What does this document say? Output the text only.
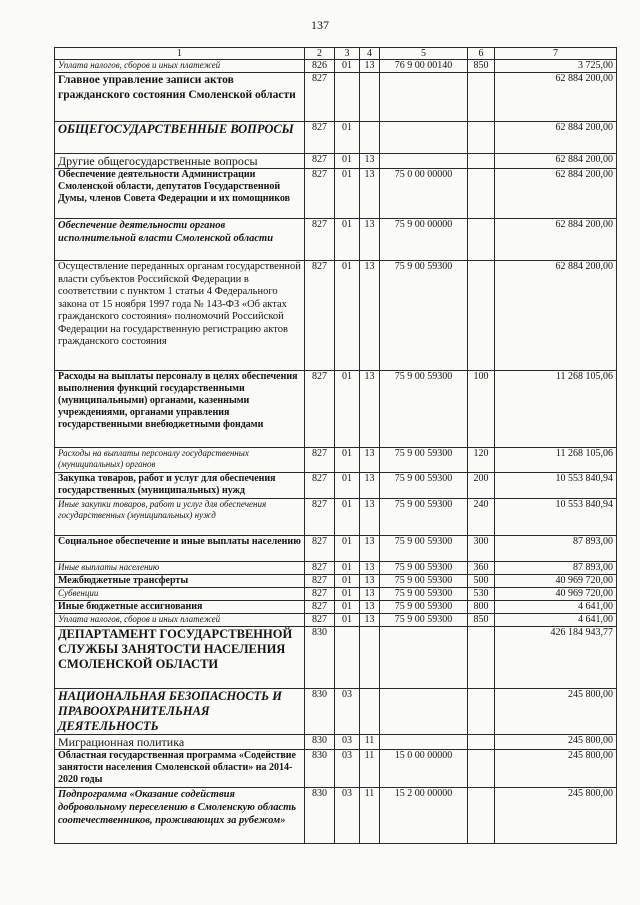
137
1	2	3	4	5	6	7
Уплата налогов, сборов и иных платежей	826	01	13	76 9 00 00140	850	3 725,00
Главное управление записи актов гражданского состояния Смоленской области	827					62 884 200,00
ОБЩЕГОСУДАРСТВЕННЫЕ ВОПРОСЫ	827	01				62 884 200,00
Другие общегосударственные вопросы	827	01	13			62 884 200,00
Обеспечение деятельности Администрации Смоленской области, депутатов Государственной Думы, членов Совета Федерации и их помощников	827	01	13	75 0 00 00000		62 884 200,00
Обеспечение деятельности органов исполнительной власти Смоленской области	827	01	13	75 9 00 00000		62 884 200,00
Осуществление переданных органам государственной власти субъектов Российской Федерации в соответствии с пунктом 1 статьи 4 Федерального закона от 15 ноября 1997 года № 143-ФЗ «Об актах гражданского состояния» полномочий Российской Федерации на государственную регистрацию актов гражданского состояния	827	01	13	75 9 00 59300		62 884 200,00
Расходы на выплаты персоналу в целях обеспечения выполнения функций государственными (муниципальными) органами, казенными учреждениями, органами управления государственными внебюджетными фондами	827	01	13	75 9 00 59300	100	11 268 105,06
Расходы на выплаты персоналу государственных (муниципальных) органов	827	01	13	75 9 00 59300	120	11 268 105,06
Закупка товаров, работ и услуг для обеспечения государственных (муниципальных) нужд	827	01	13	75 9 00 59300	200	10 553 840,94
Иные закупки товаров, работ и услуг для обеспечения государственных (муниципальных) нужд	827	01	13	75 9 00 59300	240	10 553 840,94
Социальное обеспечение и иные выплаты населению	827	01	13	75 9 00 59300	300	87 893,00
Иные выплаты населению	827	01	13	75 9 00 59300	360	87 893,00
Межбюджетные трансферты	827	01	13	75 9 00 59300	500	40 969 720,00
Субвенции	827	01	13	75 9 00 59300	530	40 969 720,00
Иные бюджетные ассигнования	827	01	13	75 9 00 59300	800	4 641,00
Уплата налогов, сборов и иных платежей	827	01	13	75 9 00 59300	850	4 641,00
ДЕПАРТАМЕНТ ГОСУДАРСТВЕННОЙ СЛУЖБЫ ЗАНЯТОСТИ НАСЕЛЕНИЯ СМОЛЕНСКОЙ ОБЛАСТИ	830					426 184 943,77
НАЦИОНАЛЬНАЯ БЕЗОПАСНОСТЬ И ПРАВООХРАНИТЕЛЬНАЯ ДЕЯТЕЛЬНОСТЬ	830	03				245 800,00
Миграционная политика	830	03	11			245 800,00
Областная государственная программа «Содействие занятости населения Смоленской области» на 2014-2020 годы	830	03	11	15 0 00 00000		245 800,00
Подпрограмма «Оказание содействия добровольному переселению в Смоленскую область соотечественников, проживающих за рубежом»	830	03	11	15 2 00 00000		245 800,00
